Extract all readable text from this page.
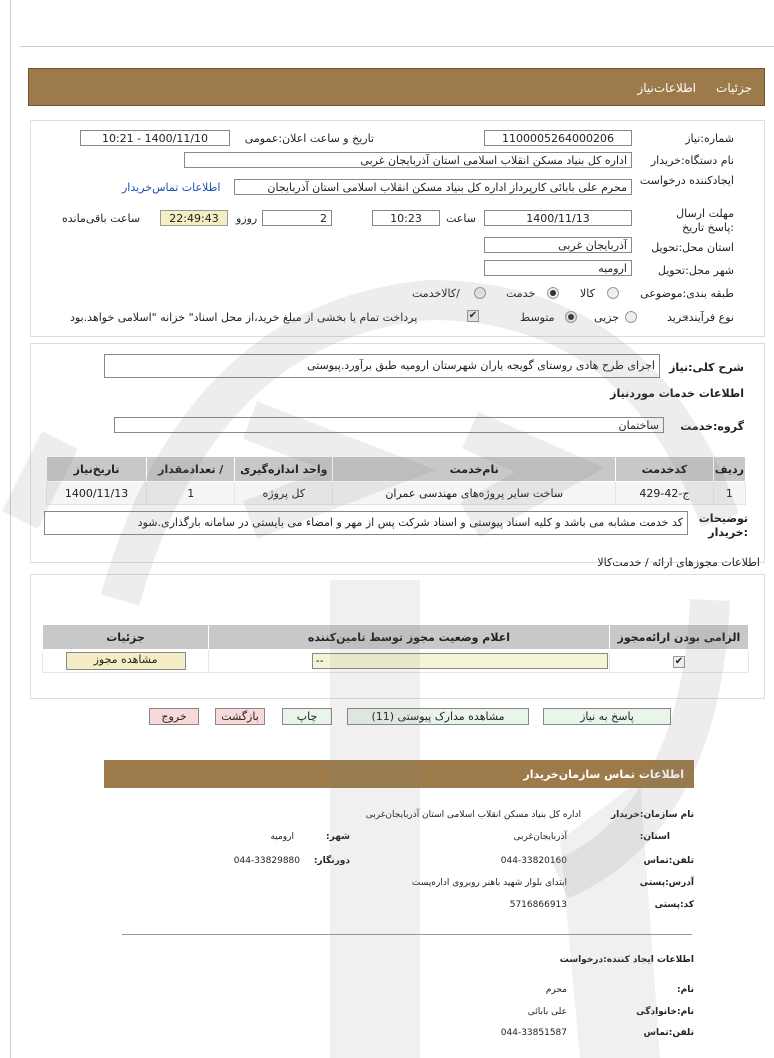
جزئیات
اطلاعات‌نیاز
شماره:نیاز
1100005264000206
تاریخ و ساعت اعلان:عمومی
1400/11/10 - 10:21
نام دستگاه:خریدار
اداره کل بنیاد مسکن انقلاب اسلامی استان آذربایجان غربی
ایجادکننده درخواست
محرم علی بابائی کارپرداز اداره کل بنیاد مسکن انقلاب اسلامی استان آذربایجان
اطلاعات تماس‌خریدار
مهلت ارسال :پاسخ تاریخ
1400/11/13
ساعت
10:23
2
روزو
22:49:43
ساعت باقی‌مانده
استان محل:تحویل
آذربایجان غربی
شهر محل:تحویل
ارومیه
طبقه بندی:موضوعی
کالا
خدمت
/کالاخدمت
نوع فرآیند:
خرید
جزیی
متوسط
✔
پرداخت تمام یا بخشی از مبلغ خرید،از محل اسناد" خزانه "اسلامی خواهد.بود
شرح کلی:نیاز
اجرای طرح هادی روستای گویجه یاران شهرستان ارومیه طبق برآورد.پیوستی
اطلاعات خدمات موردنیاز
گروه:خدمت
ساختمان
ردیف	کدخدمت	نام‌خدمت	واحد اندازه‌گیری	/ تعدادمقدار	تاریخ‌نیاز
1	ج-42-429	ساخت سایر پروژه‌های مهندسی عمران	کل پروژه	1	1400/11/13
توضیحات :خریدار
کد خدمت مشابه می باشد و کلیه اسناد پیوستی و اسناد شرکت پس از مهر و امضاء می بایستی در سامانه بارگذاری.شود
اطلاعات مجوزهای ارائه / خدمت‌کالا
الزامی بودن ارائه‌مجوز	اعلام وضعیت مجوز توسط تامین‌کننده	جزئیات
✔	--	مشاهده مجوز
پاسخ به نیاز
مشاهده مدارک پیوستی (11)
چاپ
بازگشت
خروج
اطلاعات تماس سازمان‌خریدار
نام سازمان:خریدار
اداره کل بنیاد مسکن انقلاب اسلامی استان آذربایجان‌غربی
استان:
آذربایجان‌غربی
شهر:
ارومیه
تلفن:تماس
044-33820160
دورنگار:
044-33829880
آدرس:پستی
ابتدای بلوار شهید باهنر روبروی اداره‌پست
کد:پستی
5716866913
اطلاعات ایجاد کننده:درخواست
نام:
محرم
نام:خانوادگی
علی بابائی
تلفن:تماس
044-33851587
